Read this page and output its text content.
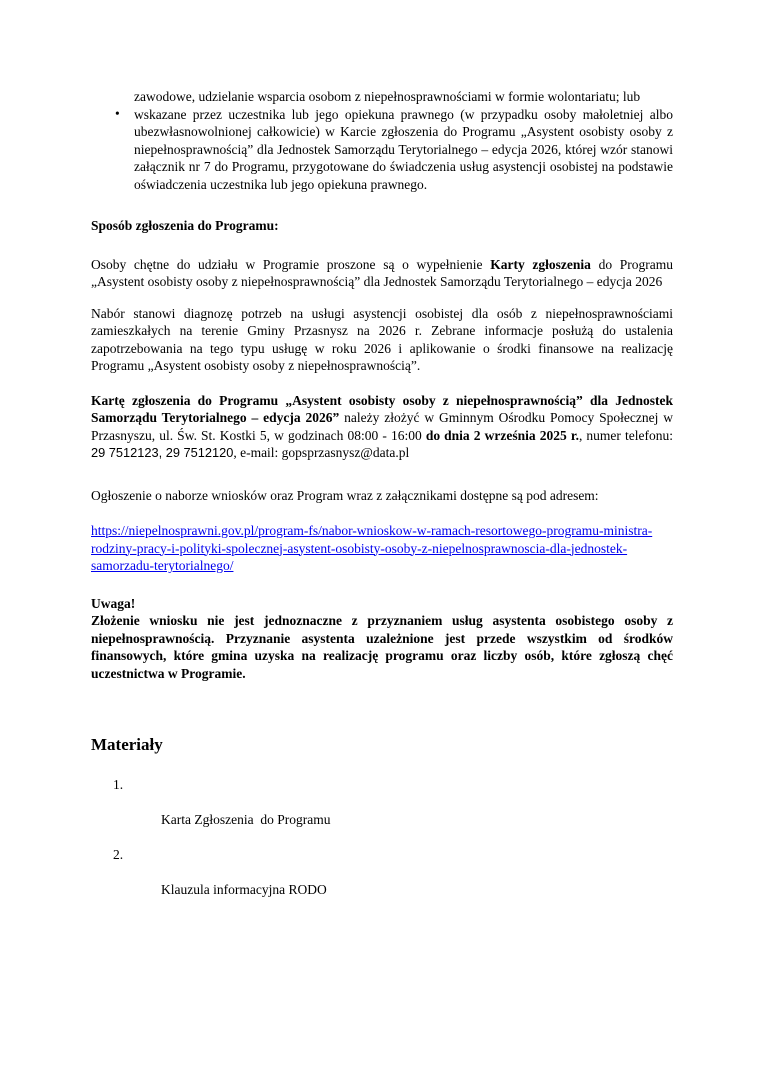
zawodowe, udzielanie wsparcia osobom z niepełnosprawnościami w formie wolontariatu; lub
• wskazane przez uczestnika lub jego opiekuna prawnego (w przypadku osoby małoletniej albo ubezwłasnowolnionej całkowicie) w Karcie zgłoszenia do Programu „Asystent osobisty osoby z niepełnosprawnością” dla Jednostek Samorządu Terytorialnego – edycja 2026, której wzór stanowi załącznik nr 7 do Programu, przygotowane do świadczenia usług asystencji osobistej na podstawie oświadczenia uczestnika lub jego opiekuna prawnego.

Sposób zgłoszenia do Programu:

Osoby chętne do udziału w Programie proszone są o wypełnienie Karty zgłoszenia do Programu „Asystent osobisty osoby z niepełnosprawnością” dla Jednostek Samorządu Terytorialnego – edycja 2026

Nabór stanowi diagnozę potrzeb na usługi asystencji osobistej dla osób z niepełnosprawnościami zamieszkałych na terenie Gminy Przasnysz na 2026 r. Zebrane informacje posłużą do ustalenia zapotrzebowania na tego typu usługę w roku 2026 i aplikowanie o środki finansowe na realizację Programu „Asystent osobisty osoby z niepełnosprawnością”.

Kartę zgłoszenia do Programu „Asystent osobisty osoby z niepełnosprawnością” dla Jednostek Samorządu Terytorialnego – edycja 2026” należy złożyć w Gminnym Ośrodku Pomocy Społecznej w Przasnyszu, ul. Św. St. Kostki 5, w godzinach 08:00 - 16:00 do dnia 2 września 2025 r., numer telefonu: 29 7512123, 29 7512120, e-mail: gopsprzasnysz@data.pl

Ogłoszenie o naborze wniosków oraz Program wraz z załącznikami dostępne są pod adresem:

https://niepelnosprawni.gov.pl/program-fs/nabor-wnioskow-w-ramach-resortowego-programu-ministra-rodziny-pracy-i-polityki-spolecznej-asystent-osobisty-osoby-z-niepelnosprawnoscia-dla-jednostek-samorzadu-terytorialnego/

Uwaga!
Złożenie wniosku nie jest jednoznaczne z przyznaniem usług asystenta osobistego osoby z niepełnosprawnością. Przyznanie asystenta uzależnione jest przede wszystkim od środków finansowych, które gmina uzyska na realizację programu oraz liczby osób, które zgłoszą chęć uczestnictwa w Programie.

Materiały

1.

Karta Zgłoszenia  do Programu

2.

Klauzula informacyjna RODO
